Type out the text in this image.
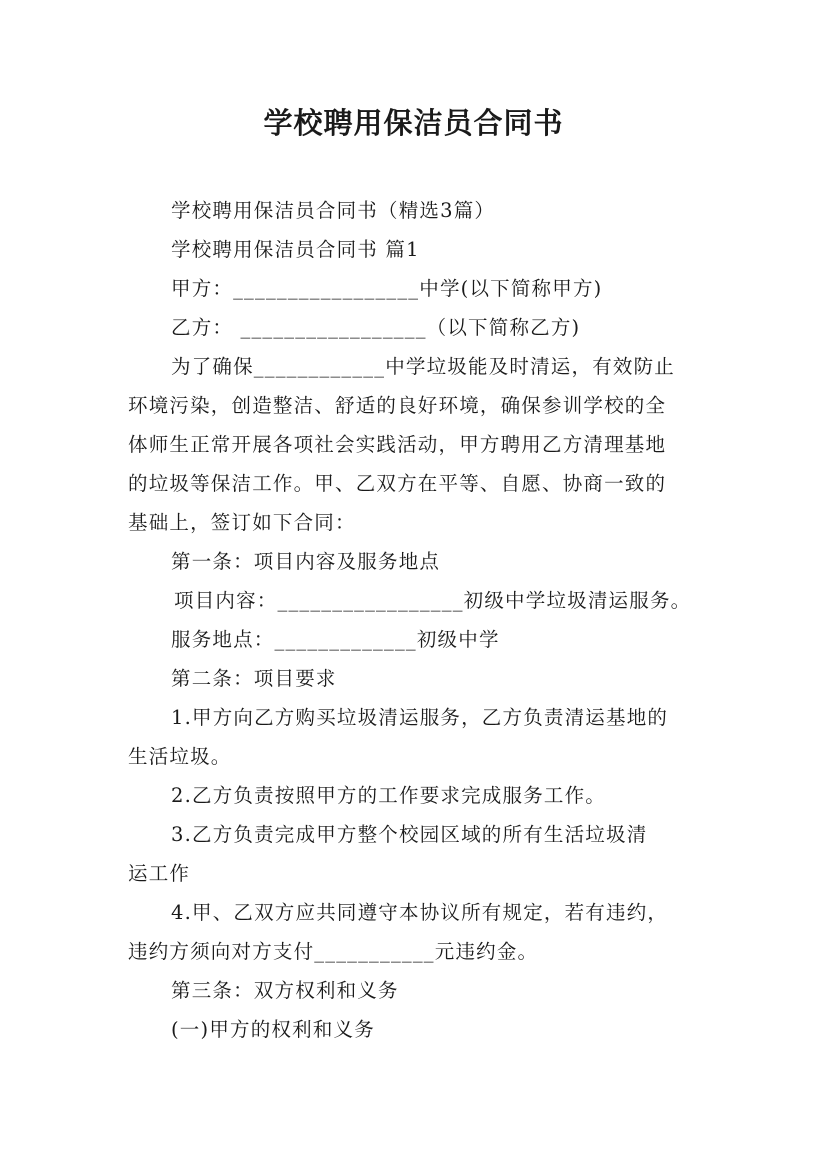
学校聘用保洁员合同书
学校聘用保洁员合同书（精选3篇）
学校聘用保洁员合同书 篇1
甲方：_________________中学(以下简称甲方)
乙方： _________________（以下简称乙方)
为了确保____________中学垃圾能及时清运，有效防止
环境污染，创造整洁、舒适的良好环境，确保参训学校的全
体师生正常开展各项社会实践活动，甲方聘用乙方清理基地
的垃圾等保洁工作。甲、乙双方在平等、自愿、协商一致的
基础上，签订如下合同：
第一条：项目内容及服务地点
项目内容：_________________初级中学垃圾清运服务。
服务地点：_____________初级中学
第二条：项目要求
1.甲方向乙方购买垃圾清运服务，乙方负责清运基地的
生活垃圾。
2.乙方负责按照甲方的工作要求完成服务工作。
3.乙方负责完成甲方整个校园区域的所有生活垃圾清
运工作
4.甲、乙双方应共同遵守本协议所有规定，若有违约，
违约方须向对方支付___________元违约金。
第三条：双方权利和义务
(一)甲方的权利和义务
